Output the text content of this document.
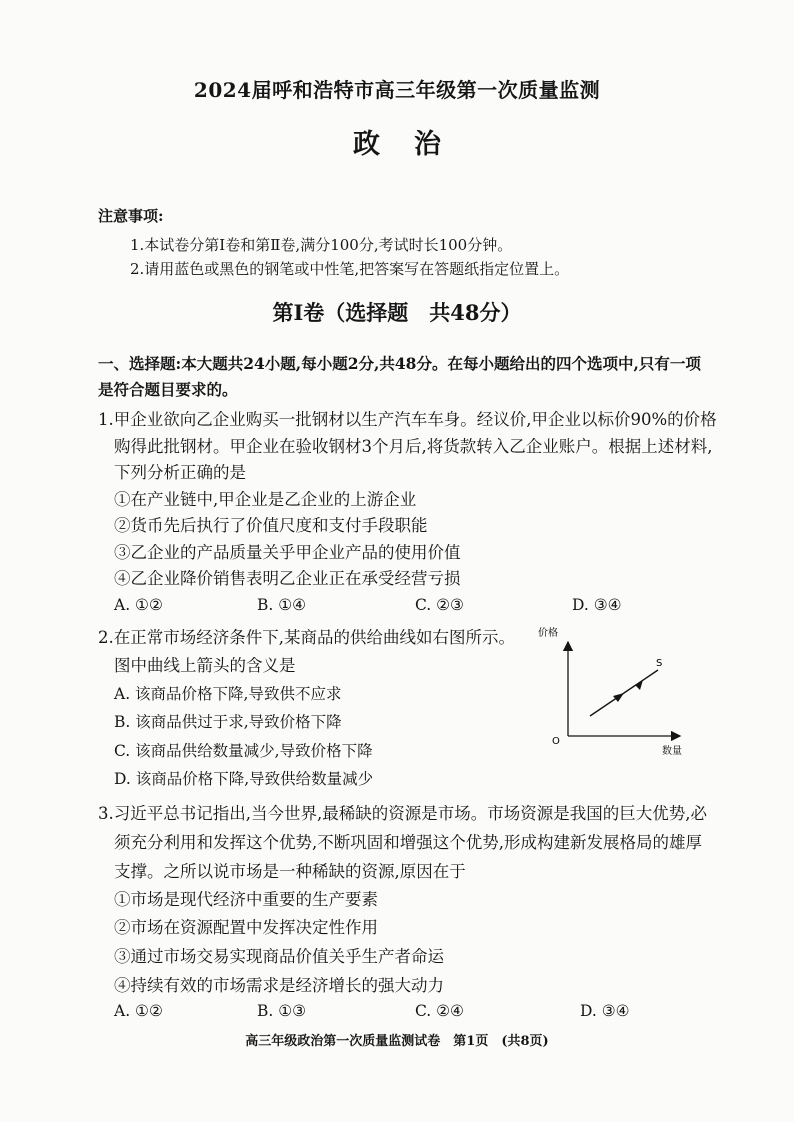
2024届呼和浩特市高三年级第一次质量监测
政治
注意事项:
1.本试卷分第Ⅰ卷和第Ⅱ卷,满分100分,考试时长100分钟。
2.请用蓝色或黑色的钢笔或中性笔,把答案写在答题纸指定位置上。
第Ⅰ卷（选择题　共48分）
一、选择题:本大题共24小题,每小题2分,共48分。在每小题给出的四个选项中,只有一项
是符合题目要求的。
1.甲企业欲向乙企业购买一批钢材以生产汽车车身。经议价,甲企业以标价90%的价格
购得此批钢材。甲企业在验收钢材3个月后,将货款转入乙企业账户。根据上述材料,
下列分析正确的是
①在产业链中,甲企业是乙企业的上游企业
②货币先后执行了价值尺度和支付手段职能
③乙企业的产品质量关乎甲企业产品的使用价值
④乙企业降价销售表明乙企业正在承受经营亏损
A. ①②	B. ①④	C. ②③	D. ③④
2.在正常市场经济条件下,某商品的供给曲线如右图所示。
图中曲线上箭头的含义是
A. 该商品价格下降,导致供不应求
B. 该商品供过于求,导致价格下降
C. 该商品供给数量减少,导致价格下降
D. 该商品价格下降,导致供给数量减少
价格
O
数量
S
3.习近平总书记指出,当今世界,最稀缺的资源是市场。市场资源是我国的巨大优势,必
须充分利用和发挥这个优势,不断巩固和增强这个优势,形成构建新发展格局的雄厚
支撑。之所以说市场是一种稀缺的资源,原因在于
①市场是现代经济中重要的生产要素
②市场在资源配置中发挥决定性作用
③通过市场交易实现商品价值关乎生产者命运
④持续有效的市场需求是经济增长的强大动力
A. ①②	B. ①③	C. ②④	D. ③④
高三年级政治第一次质量监测试卷　第1页　(共8页)
